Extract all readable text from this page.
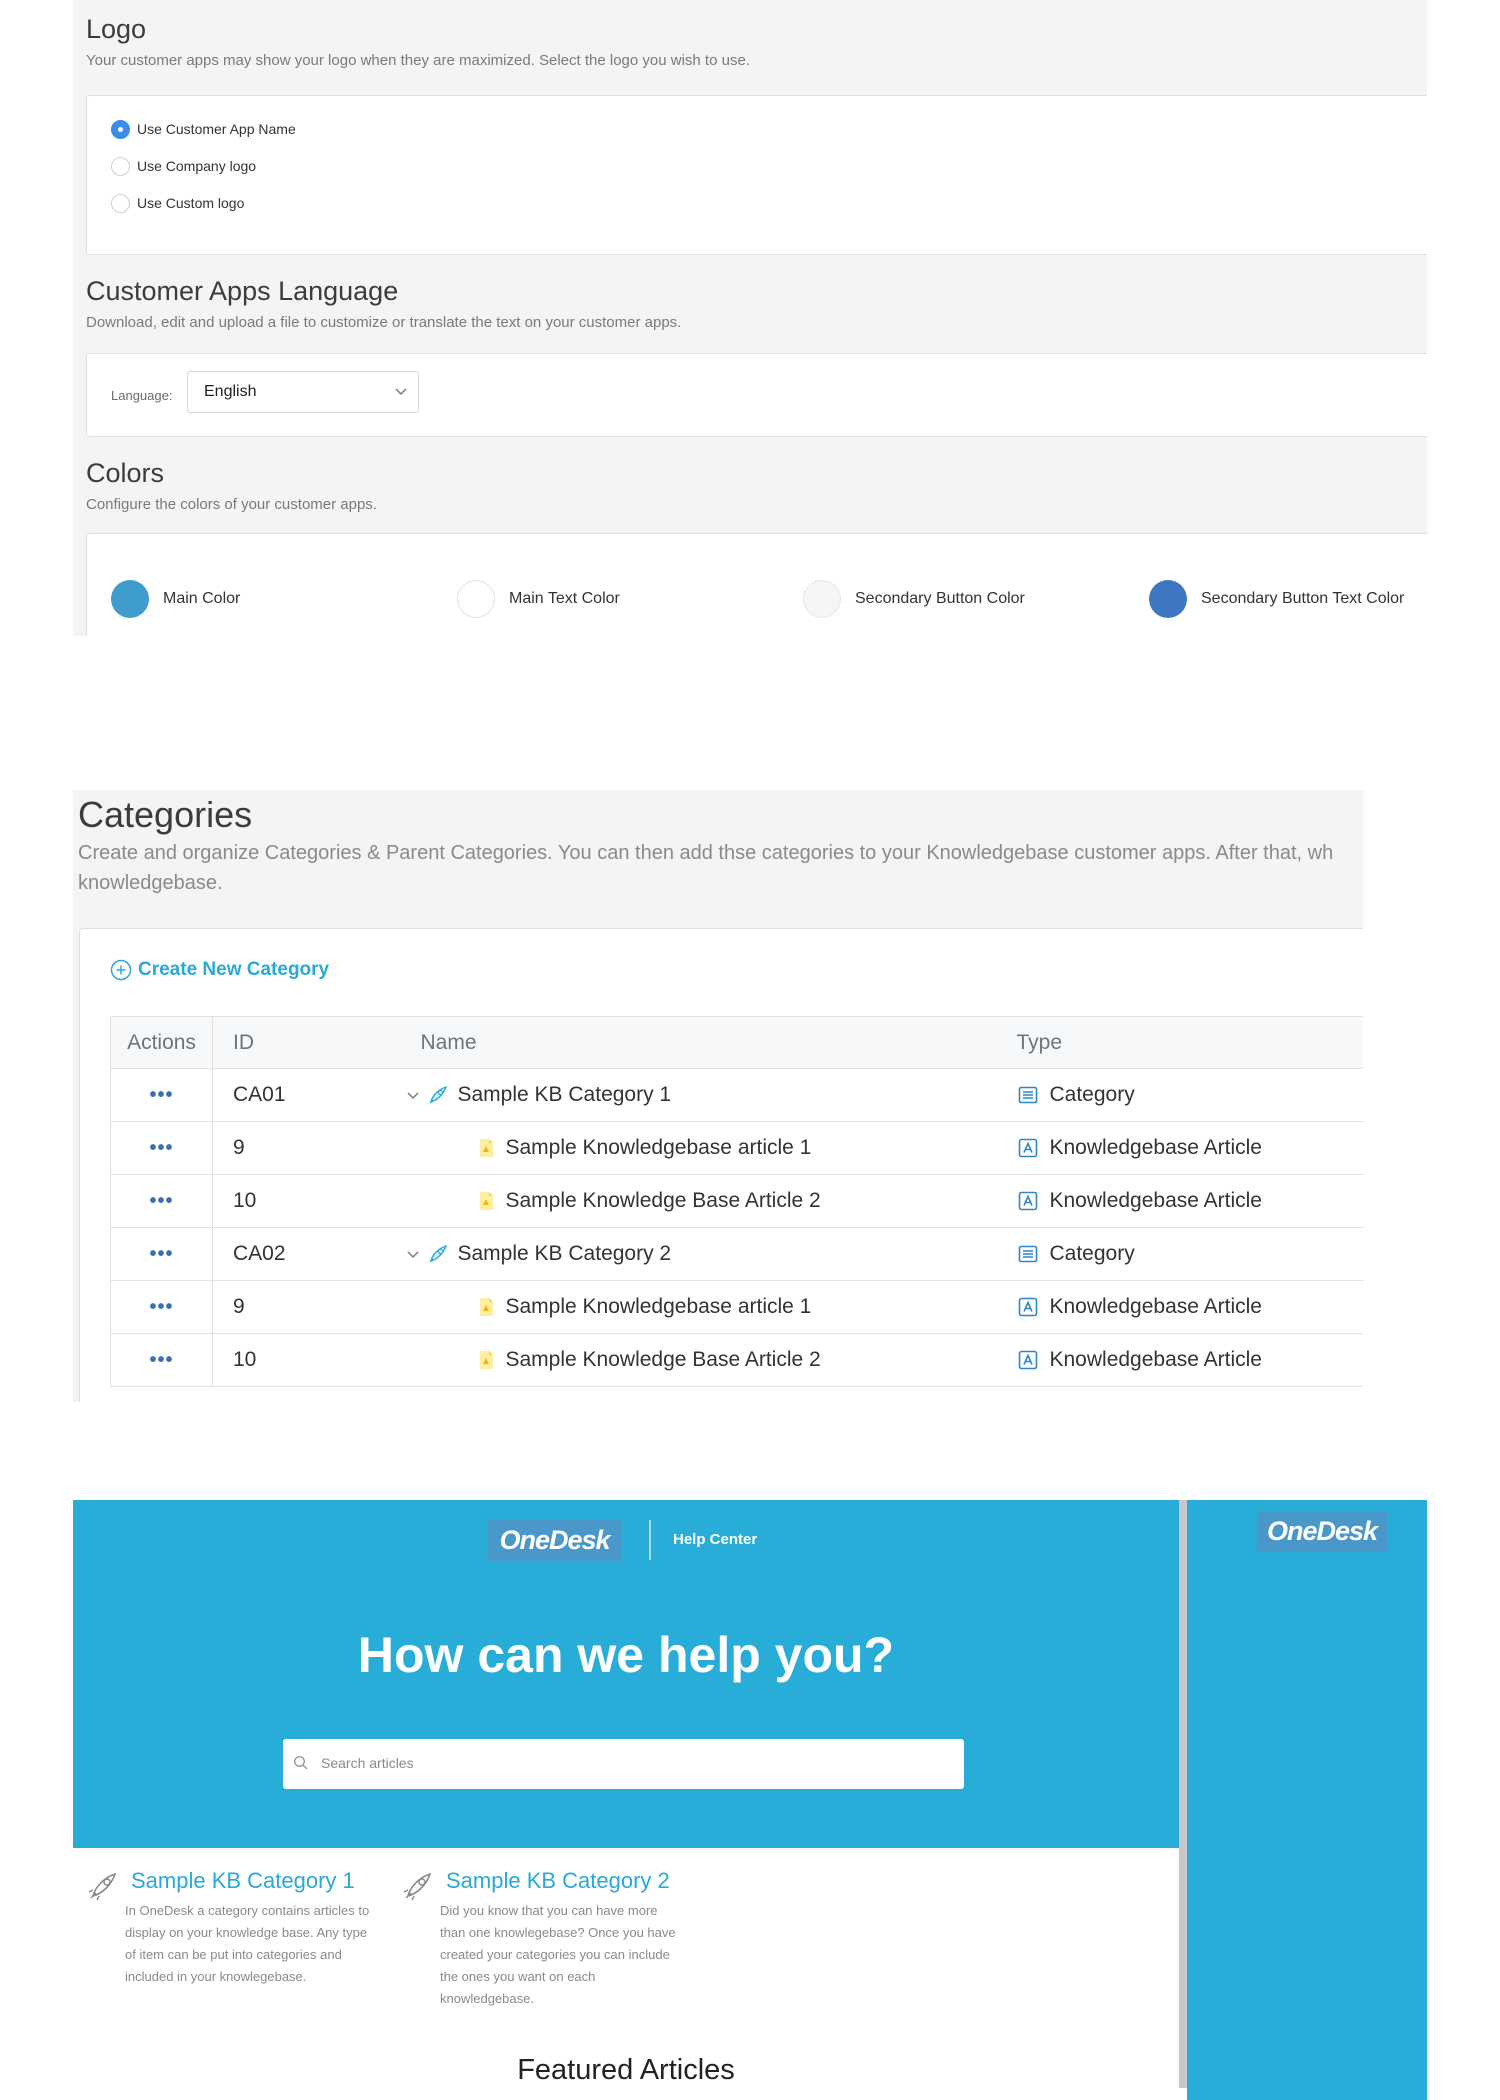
Logo
Your customer apps may show your logo when they are maximized. Select the logo you wish to use.
Use Customer App Name
Use Company logo
Use Custom logo
Customer Apps Language
Download, edit and upload a file to customize or translate the text on your customer apps.
Language: English
Colors
Configure the colors of your customer apps.
Main Color	Main Text Color	Secondary Button Color	Secondary Button Text Color
Categories
Create and organize Categories & Parent Categories. You can then add thse categories to your Knowledgebase customer apps. After that, wh knowledgebase.
Create New Category
Actions	ID	Name	Type
•••	CA01	Sample KB Category 1	Category

•••	9	Sample Knowledgebase article 1	Knowledgebase Article

•••	10	Sample Knowledge Base Article 2	Knowledgebase Article

•••	CA02	Sample KB Category 2	Category

•••	9	Sample Knowledgebase article 1	Knowledgebase Article

•••	10	Sample Knowledge Base Article 2	Knowledgebase Article
OneDesk	Help Center
How can we help you?
Search articles
OneDesk
Sample KB Category 1
In OneDesk a category contains articles to display on your knowledge base. Any type of item can be put into categories and included in your knowlegebase.
Sample KB Category 2
Did you know that you can have more than one knowlegebase? Once you have created your categories you can include the ones you want on each knowledgebase.
Featured Articles
